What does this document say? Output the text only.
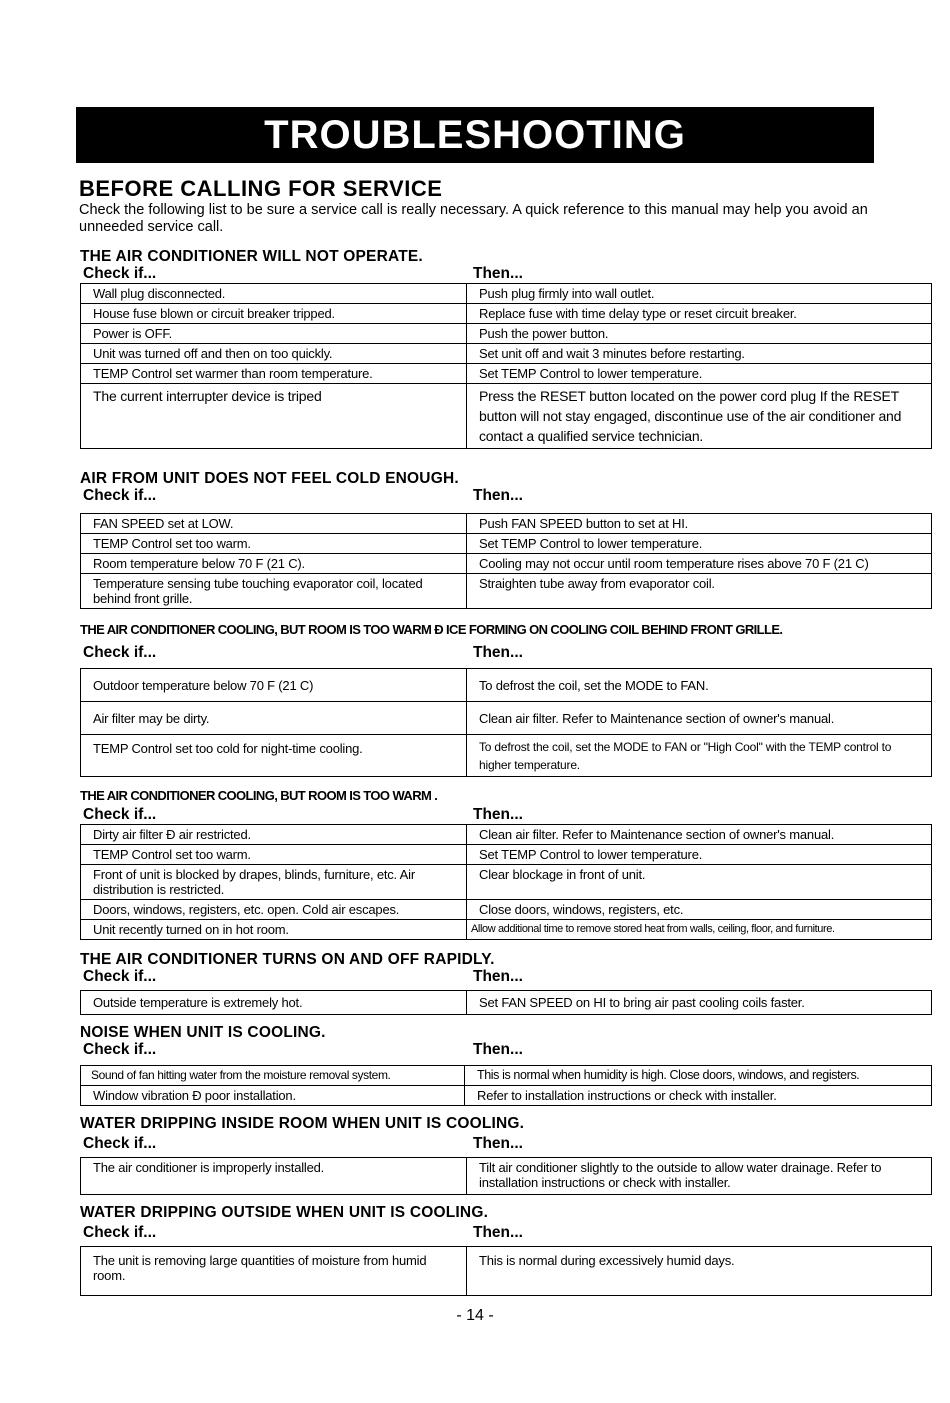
TROUBLESHOOTING
BEFORE CALLING FOR SERVICE
Check the following list to be sure a service call is really necessary. A quick reference to this manual may help you avoid an unneeded service call.
THE AIR CONDITIONER WILL NOT OPERATE.
Check if...	Then...
Wall plug disconnected.	Push plug firmly into wall outlet.
House fuse blown or circuit breaker tripped.	Replace fuse with time delay type or reset circuit breaker.
Power is OFF.	Push the power button.
Unit was turned off and then on too quickly.	Set unit off and wait 3 minutes before restarting.
TEMP Control set warmer than room temperature.	Set TEMP Control to lower temperature.
The current interrupter device is triped	Press the RESET button located on the power cord plug If the RESET button will not stay engaged, discontinue use of the air conditioner and contact a qualified service technician.
AIR FROM UNIT DOES NOT FEEL COLD ENOUGH.
Check if...	Then...
FAN SPEED set at LOW.	Push FAN SPEED button to set at HI.
TEMP Control set too warm.	Set TEMP Control to lower temperature.
Room temperature below 70 F (21 C).	Cooling may not occur until room temperature rises above 70 F (21 C)
Temperature sensing tube touching evaporator coil, located behind front grille.	Straighten tube away from evaporator coil.
THE AIR CONDITIONER COOLING, BUT ROOM IS TOO WARM Ð ICE FORMING ON COOLING COIL BEHIND FRONT GRILLE.
Check if...	Then...
Outdoor temperature below 70 F (21 C)	To defrost the coil, set the MODE to FAN.
Air filter may be dirty.	Clean air filter. Refer to Maintenance section of owner's manual.
TEMP Control set too cold for night-time cooling.	To defrost the coil, set the MODE to FAN or "High Cool" with the TEMP control to higher temperature.
THE AIR CONDITIONER COOLING, BUT ROOM IS TOO WARM .
Check if...	Then...
Dirty air filter Ð air restricted.	Clean air filter. Refer to Maintenance section of owner's manual.
TEMP Control set too warm.	Set TEMP Control to lower temperature.
Front of unit is blocked by drapes, blinds, furniture, etc. Air distribution is restricted.	Clear blockage in front of unit.
Doors, windows, registers, etc. open. Cold air escapes.	Close doors, windows, registers, etc.
Unit recently turned on in hot room.	Allow additional time to remove stored heat from walls, ceiling, floor, and furniture.
THE AIR CONDITIONER TURNS ON AND OFF RAPIDLY.
Check if...	Then...
Outside temperature is extremely hot.	Set FAN SPEED on HI to bring air past cooling coils faster.
NOISE WHEN UNIT IS COOLING.
Check if...	Then...
Sound of fan hitting water from the moisture removal system.	This is normal when humidity is high. Close doors, windows, and registers.
Window vibration Ð poor installation.	Refer to installation instructions or check with installer.
WATER DRIPPING INSIDE ROOM WHEN UNIT IS COOLING.
Check if...	Then...
The air conditioner is improperly installed.	Tilt air conditioner slightly to the outside to allow water drainage. Refer to installation instructions or check with installer.
WATER DRIPPING OUTSIDE WHEN UNIT IS COOLING.
Check if...	Then...
The unit is removing large quantities of moisture from humid room.	This is normal during excessively humid days.
- 14 -
